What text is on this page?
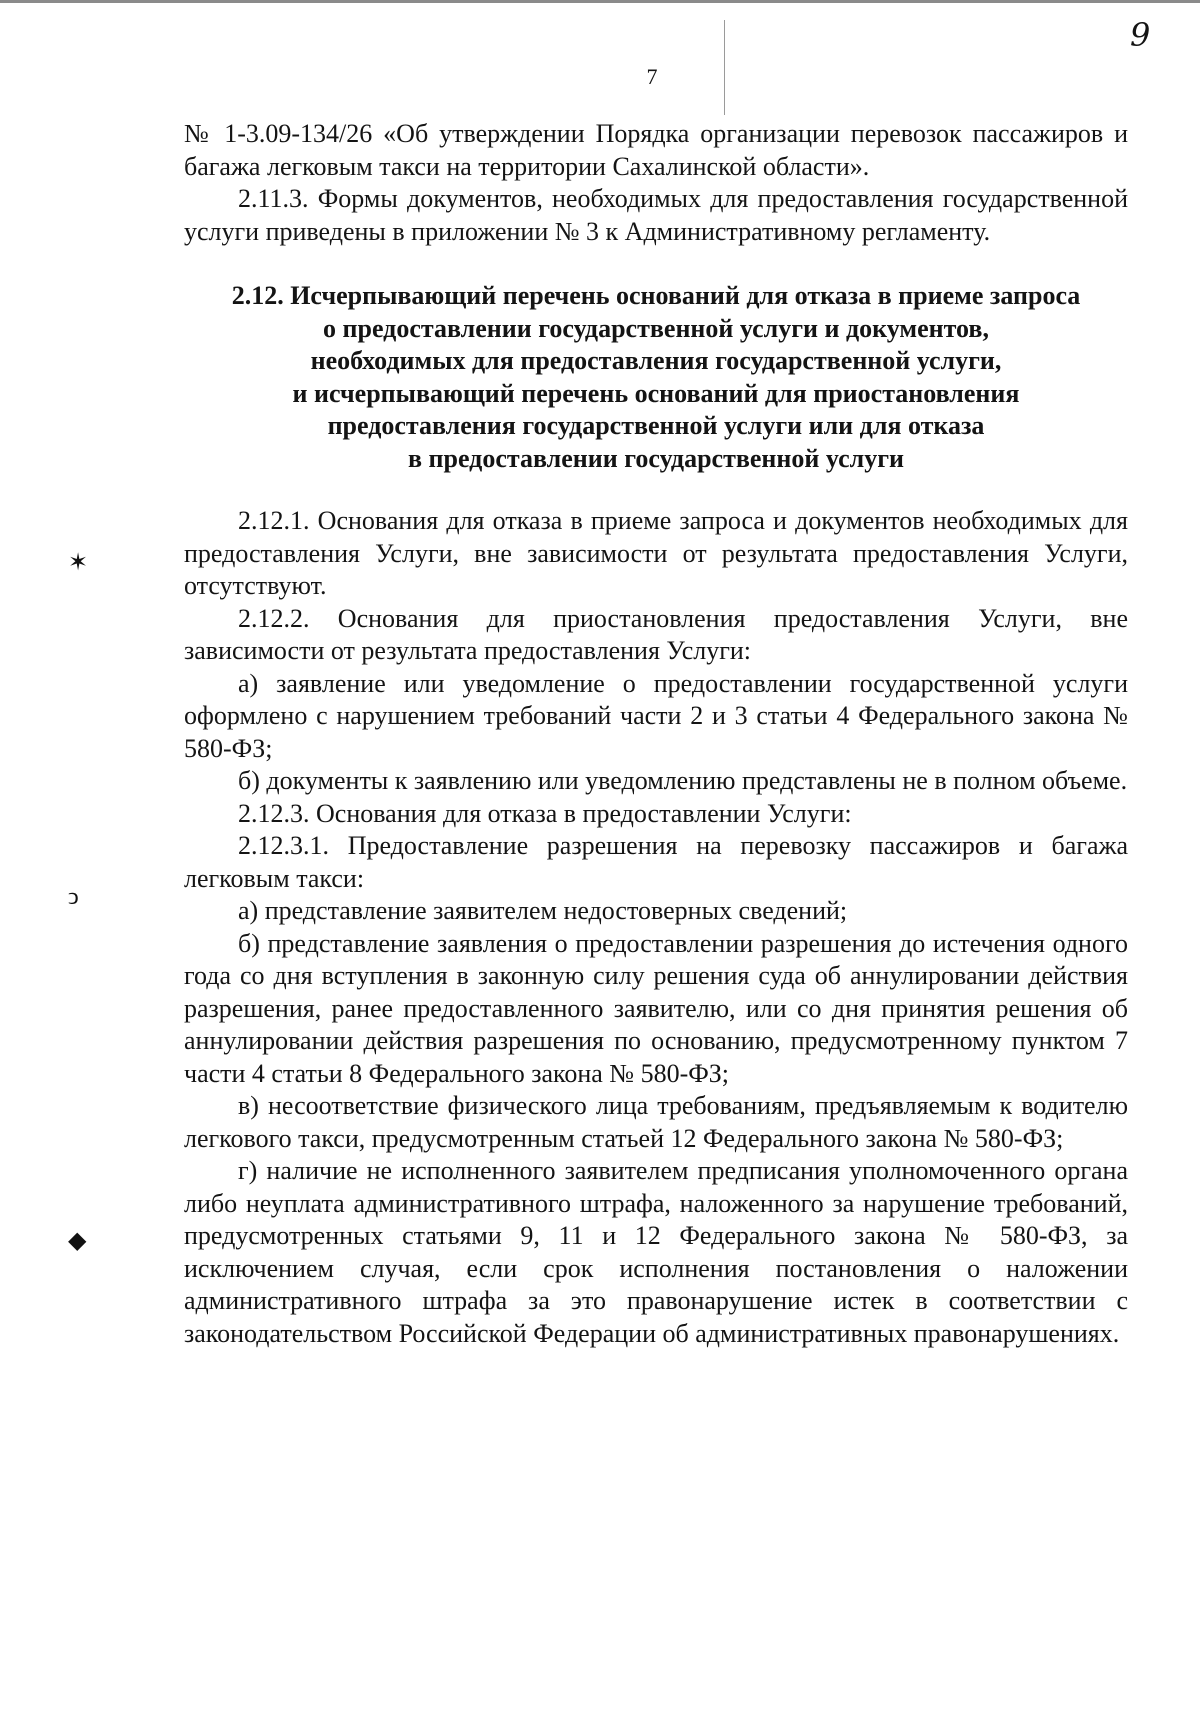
7
9
✶
ↄ
◆

№ 1-3.09-134/26 «Об утверждении Порядка организации перевозок пассажиров и багажа легковым такси на территории Сахалинской области».

2.11.3. Формы документов, необходимых для предоставления государственной услуги приведены в приложении № 3 к Административному регламенту.

2.12. Исчерпывающий перечень оснований для отказа в приеме запроса
о предоставлении государственной услуги и документов,
необходимых для предоставления государственной услуги,
и исчерпывающий перечень оснований для приостановления
предоставления государственной услуги или для отказа
в предоставлении государственной услуги

2.12.1. Основания для отказа в приеме запроса и документов необходимых для предоставления Услуги, вне зависимости от результата предоставления Услуги, отсутствуют.

2.12.2. Основания для приостановления предоставления Услуги, вне зависимости от результата предоставления Услуги:

а) заявление или уведомление о предоставлении государственной услуги оформлено с нарушением требований части 2 и 3 статьи 4 Федерального закона № 580-ФЗ;

б) документы к заявлению или уведомлению представлены не в полном объеме.

2.12.3. Основания для отказа в предоставлении Услуги:

2.12.3.1. Предоставление разрешения на перевозку пассажиров и багажа легковым такси:

а) представление заявителем недостоверных сведений;

б) представление заявления о предоставлении разрешения до истечения одного года со дня вступления в законную силу решения суда об аннулировании действия разрешения, ранее предоставленного заявителю, или со дня принятия решения об аннулировании действия разрешения по основанию, предусмотренному пунктом 7 части 4 статьи 8 Федерального закона № 580-ФЗ;

в) несоответствие физического лица требованиям, предъявляемым к водителю легкового такси, предусмотренным статьей 12 Федерального закона № 580-ФЗ;

г) наличие не исполненного заявителем предписания уполномоченного органа либо неуплата административного штрафа, наложенного за нарушение требований, предусмотренных статьями 9, 11 и 12 Федерального закона № 580-ФЗ, за исключением случая, если срок исполнения постановления о наложении административного штрафа за это правонарушение истек в соответствии с законодательством Российской Федерации об административных правонарушениях.
